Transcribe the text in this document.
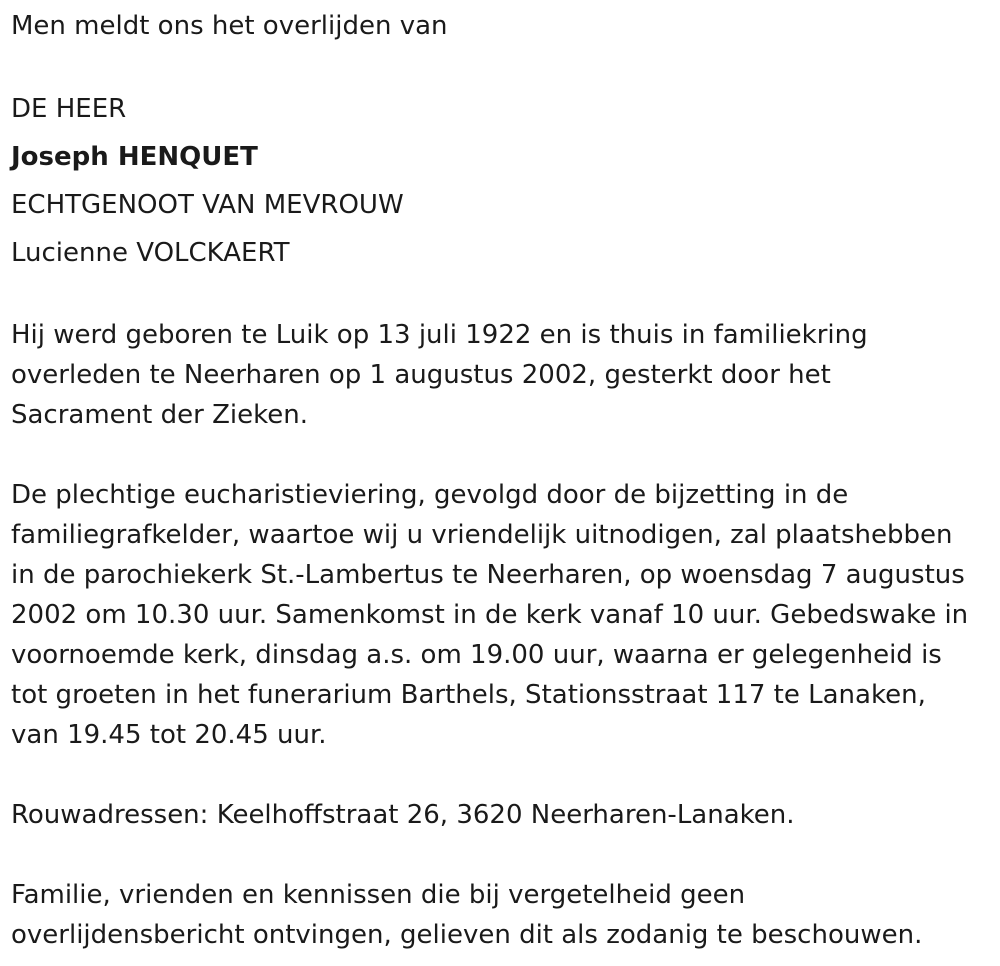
Men meldt ons het overlijden van

DE HEER

Joseph HENQUET

ECHTGENOOT VAN MEVROUW

Lucienne VOLCKAERT

Hij werd geboren te Luik op 13 juli 1922 en is thuis in familiekring

overleden te Neerharen op 1 augustus 2002, gesterkt door het

Sacrament der Zieken.

De plechtige eucharistieviering, gevolgd door de bijzetting in de

familiegrafkelder, waartoe wij u vriendelijk uitnodigen, zal plaatshebben

in de parochiekerk St.-Lambertus te Neerharen, op woensdag 7 augustus

2002 om 10.30 uur. Samenkomst in de kerk vanaf 10 uur. Gebedswake in

voornoemde kerk, dinsdag a.s. om 19.00 uur, waarna er gelegenheid is

tot groeten in het funerarium Barthels, Stationsstraat 117 te Lanaken,

van 19.45 tot 20.45 uur.

Rouwadressen: Keelhoffstraat 26, 3620 Neerharen-Lanaken.

Familie, vrienden en kennissen die bij vergetelheid geen

overlijdensbericht ontvingen, gelieven dit als zodanig te beschouwen.
